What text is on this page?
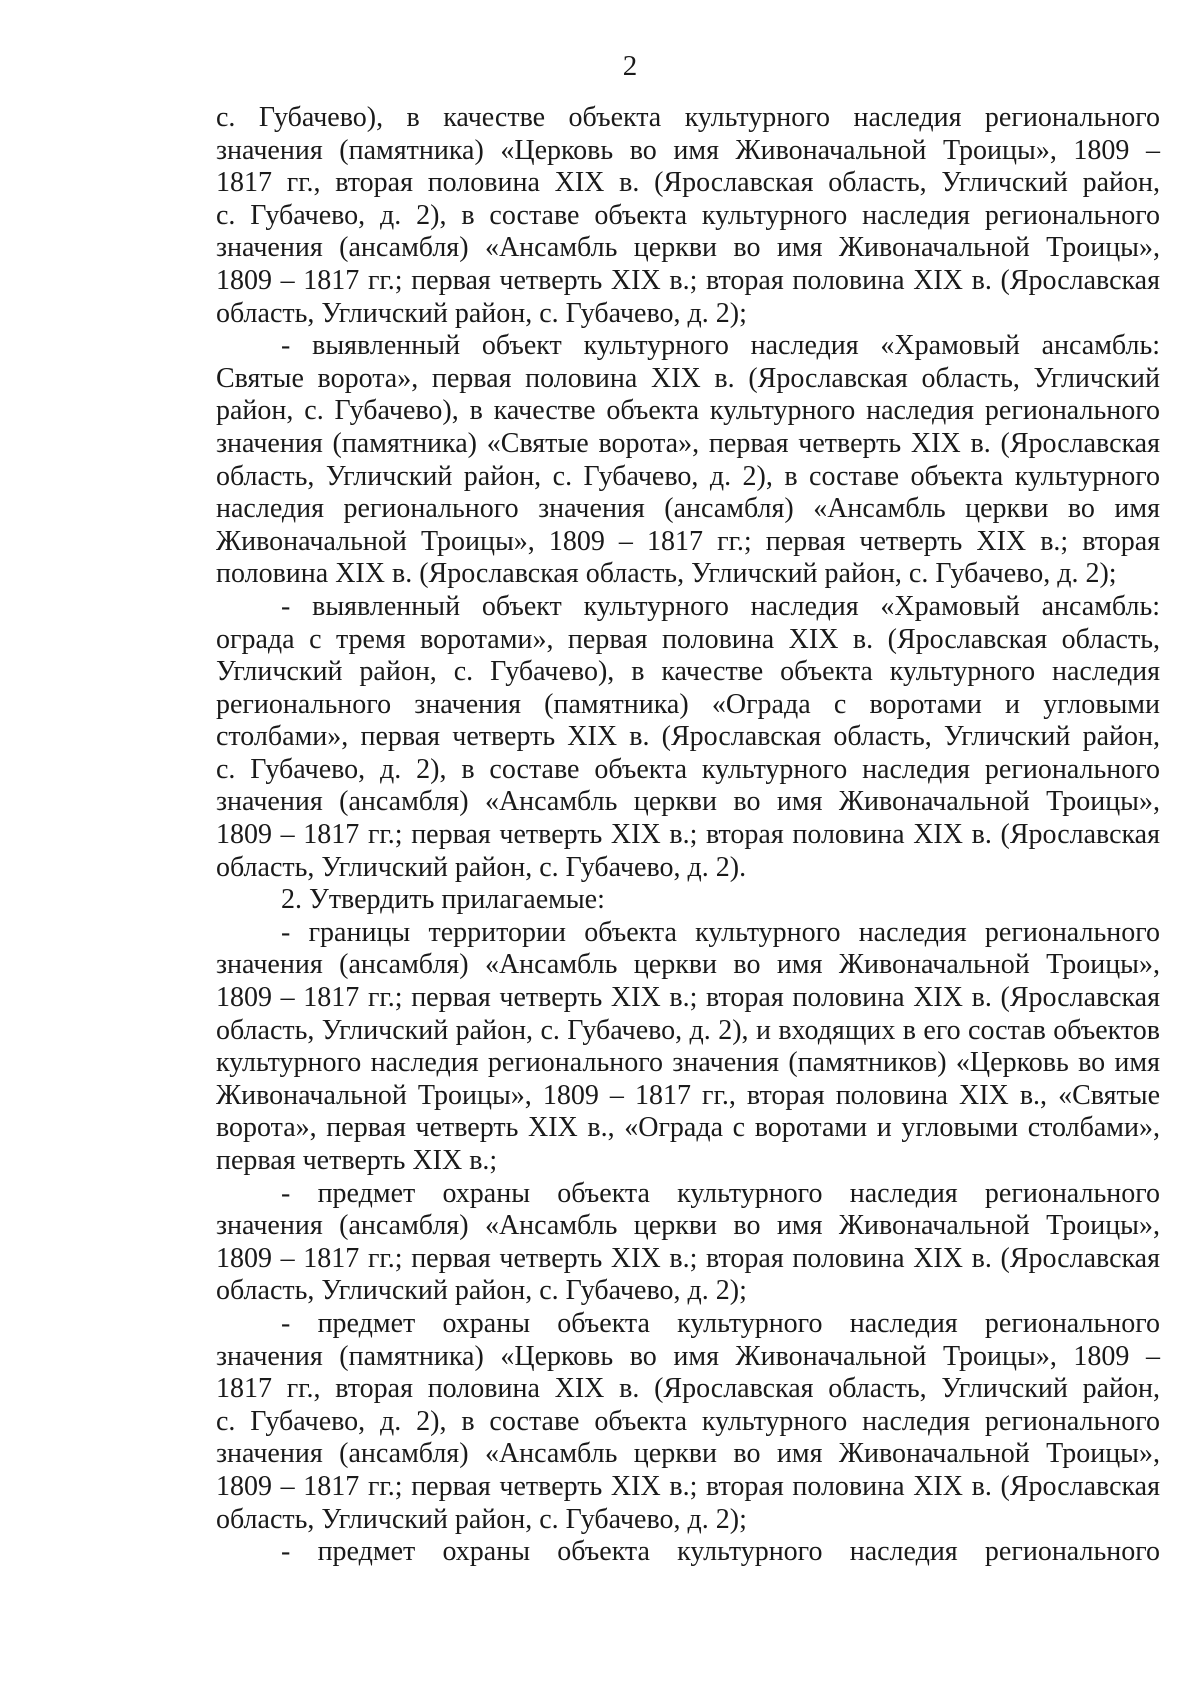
2
с. Губачево), в качестве объекта культурного наследия регионального
значения (памятника) «Церковь во имя Живоначальной Троицы», 1809 –
1817 гг., вторая половина XIX в. (Ярославская область, Угличский район,
с. Губачево, д. 2), в составе объекта культурного наследия регионального
значения (ансамбля) «Ансамбль церкви во имя Живоначальной Троицы»,
1809 – 1817 гг.; первая четверть XIX в.; вторая половина XIX в. (Ярославская
область, Угличский район, с. Губачево, д. 2);
- выявленный объект культурного наследия «Храмовый ансамбль:
Святые ворота», первая половина XIX в. (Ярославская область, Угличский
район, с. Губачево), в качестве объекта культурного наследия регионального
значения (памятника) «Святые ворота», первая четверть XIX в. (Ярославская
область, Угличский район, с. Губачево, д. 2), в составе объекта культурного
наследия регионального значения (ансамбля) «Ансамбль церкви во имя
Живоначальной Троицы», 1809 – 1817 гг.; первая четверть XIX в.; вторая
половина XIX в. (Ярославская область, Угличский район, с. Губачево, д. 2);
- выявленный объект культурного наследия «Храмовый ансамбль:
ограда с тремя воротами», первая половина XIX в. (Ярославская область,
Угличский район, с. Губачево), в качестве объекта культурного наследия
регионального значения (памятника) «Ограда с воротами и угловыми
столбами», первая четверть XIX в. (Ярославская область, Угличский район,
с. Губачево, д. 2), в составе объекта культурного наследия регионального
значения (ансамбля) «Ансамбль церкви во имя Живоначальной Троицы»,
1809 – 1817 гг.; первая четверть XIX в.; вторая половина XIX в. (Ярославская
область, Угличский район, с. Губачево, д. 2).
2. Утвердить прилагаемые:
- границы территории объекта культурного наследия регионального
значения (ансамбля) «Ансамбль церкви во имя Живоначальной Троицы»,
1809 – 1817 гг.; первая четверть XIX в.; вторая половина XIX в. (Ярославская
область, Угличский район, с. Губачево, д. 2), и входящих в его состав объектов
культурного наследия регионального значения (памятников) «Церковь во имя
Живоначальной Троицы», 1809 – 1817 гг., вторая половина XIX в., «Святые
ворота», первая четверть XIX в., «Ограда с воротами и угловыми столбами»,
первая четверть XIX в.;
- предмет охраны объекта культурного наследия регионального
значения (ансамбля) «Ансамбль церкви во имя Живоначальной Троицы»,
1809 – 1817 гг.; первая четверть XIX в.; вторая половина XIX в. (Ярославская
область, Угличский район, с. Губачево, д. 2);
- предмет охраны объекта культурного наследия регионального
значения (памятника) «Церковь во имя Живоначальной Троицы», 1809 –
1817 гг., вторая половина XIX в. (Ярославская область, Угличский район,
с. Губачево, д. 2), в составе объекта культурного наследия регионального
значения (ансамбля) «Ансамбль церкви во имя Живоначальной Троицы»,
1809 – 1817 гг.; первая четверть XIX в.; вторая половина XIX в. (Ярославская
область, Угличский район, с. Губачево, д. 2);
- предмет охраны объекта культурного наследия регионального
